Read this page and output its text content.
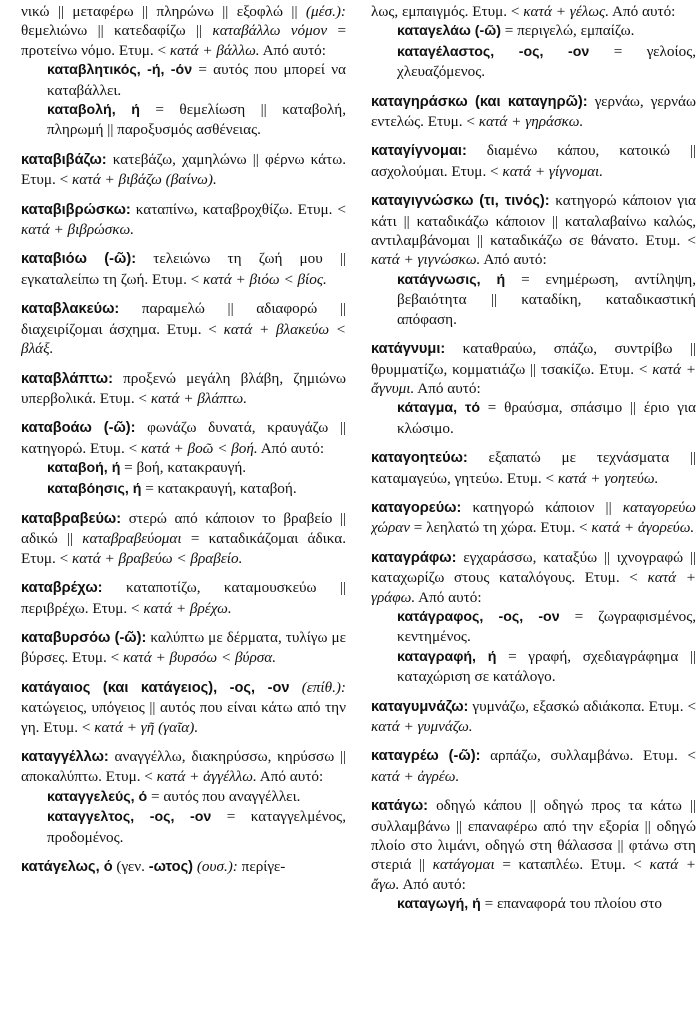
νικώ || μεταφέρω || πληρώνω || εξοφλώ || (μέσ.): θεμελιώνω || κατεδαφίζω || καταβάλλω νόμον = προτείνω νόμο. Ετυμ. < κατά + βάλλω. Από αυτό:

καταβλητικός, -ή, -όν = αυτός που μπορεί να καταβάλλει.

καταβολή, ή = θεμελίωση || καταβολή, πληρωμή || παροξυσμός ασθένειας.

καταβιβάζω: κατεβάζω, χαμηλώνω || φέρνω κάτω. Ετυμ. < κατά + βιβάζω (βαίνω).

καταβιβρώσκω: καταπίνω, καταβροχθίζω. Ετυμ. < κατά + βιβρώσκω.

καταβιόω (-ῶ): τελειώνω τη ζωή μου || εγκαταλείπω τη ζωή. Ετυμ. < κατά + βιόω < βίος.

καταβλακεύω: παραμελώ || αδιαφορώ || διαχειρίζομαι άσχημα. Ετυμ. < κατά + βλακεύω < βλάξ.

καταβλάπτω: προξενώ μεγάλη βλάβη, ζημιώνω υπερβολικά. Ετυμ. < κατά + βλάπτω.

καταβοάω (-ῶ): φωνάζω δυνατά, κραυγάζω || κατηγορώ. Ετυμ. < κατά + βοῶ < βοή. Από αυτό:

καταβοή, ή = βοή, κατακραυγή.

καταβόησις, ή = κατακραυγή, καταβοή.

καταβραβεύω: στερώ από κάποιον το βραβείο || αδικώ || καταβραβεύομαι = καταδικάζομαι άδικα. Ετυμ. < κατά + βραβεύω < βραβείο.

καταβρέχω: καταποτίζω, καταμουσκεύω || περιβρέχω. Ετυμ. < κατά + βρέχω.

καταβυρσόω (-ῶ): καλύπτω με δέρματα, τυλίγω με βύρσες. Ετυμ. < κατά + βυρσόω < βύρσα.

κατάγαιος (και κατάγειος), -ος, -ον (επίθ.): κατώγειος, υπόγειος || αυτός που είναι κάτω από την γη. Ετυμ. < κατά + γῆ (γαῖα).

καταγγέλλω: αναγγέλλω, διακηρύσσω, κηρύσσω || αποκαλύπτω. Ετυμ. < κατά + ἀγγέλλω. Από αυτό:

καταγγελεύς, ό = αυτός που αναγγέλλει.

καταγγελτος, -ος, -ον = καταγγελμένος, προδομένος.

κατάγελως, ό (γεν. -ωτος) (ουσ.): περίγε-

λως, εμπαιγμός. Ετυμ. < κατά + γέλως. Από αυτό:

καταγελάω (-ῶ) = περιγελώ, εμπαίζω.

καταγέλαστος, -ος, -ον = γελοίος, χλευαζόμενος.

καταγηράσκω (και καταγηρῶ): γερνάω, γερνάω εντελώς. Ετυμ. < κατά + γηράσκω.

καταγίγνομαι: διαμένω κάπου, κατοικώ || ασχολούμαι. Ετυμ. < κατά + γίγνομαι.

καταγιγνώσκω (τι, τινός): κατηγορώ κάποιον για κάτι || καταδικάζω κάποιον || καταλαβαίνω καλώς, αντιλαμβάνομαι || καταδικάζω σε θάνατο. Ετυμ. < κατά + γιγνώσκω. Από αυτό:

κατάγνωσις, ή = ενημέρωση, αντίληψη, βεβαιότητα || καταδίκη, καταδικαστική απόφαση.

κατάγνυμι: καταθραύω, σπάζω, συντρίβω || θρυμματίζω, κομματιάζω || τσακίζω. Ετυμ. < κατά + ἄγνυμι. Από αυτό:

κάταγμα, τό = θραύσμα, σπάσιμο || έριο για κλώσιμο.

καταγοητεύω: εξαπατώ με τεχνάσματα || καταμαγεύω, γητεύω. Ετυμ. < κατά + γοητεύω.

καταγορεύω: κατηγορώ κάποιον || καταγορεύω χώραν = λεηλατώ τη χώρα. Ετυμ. < κατά + ἀγορεύω.

καταγράφω: εγχαράσσω, καταξύω || ιχνογραφώ || καταχωρίζω στους καταλόγους. Ετυμ. < κατά + γράφω. Από αυτό:

κατάγραφος, -ος, -ον = ζωγραφισμένος, κεντημένος.

καταγραφή, ή = γραφή, σχεδιαγράφημα || καταχώριση σε κατάλογο.

καταγυμνάζω: γυμνάζω, εξασκώ αδιάκοπα. Ετυμ. < κατά + γυμνάζω.

καταγρέω (-ῶ): αρπάζω, συλλαμβάνω. Ετυμ. < κατά + ἀγρέω.

κατάγω: οδηγώ κάπου || οδηγώ προς τα κάτω || συλλαμβάνω || επαναφέρω από την εξορία || οδηγώ πλοίο στο λιμάνι, οδηγώ στη θάλασσα || φτάνω στη στεριά || κατάγομαι = καταπλέω. Ετυμ. < κατά + ἄγω. Από αυτό:

καταγωγή, ή = επαναφορά του πλοίου στο
